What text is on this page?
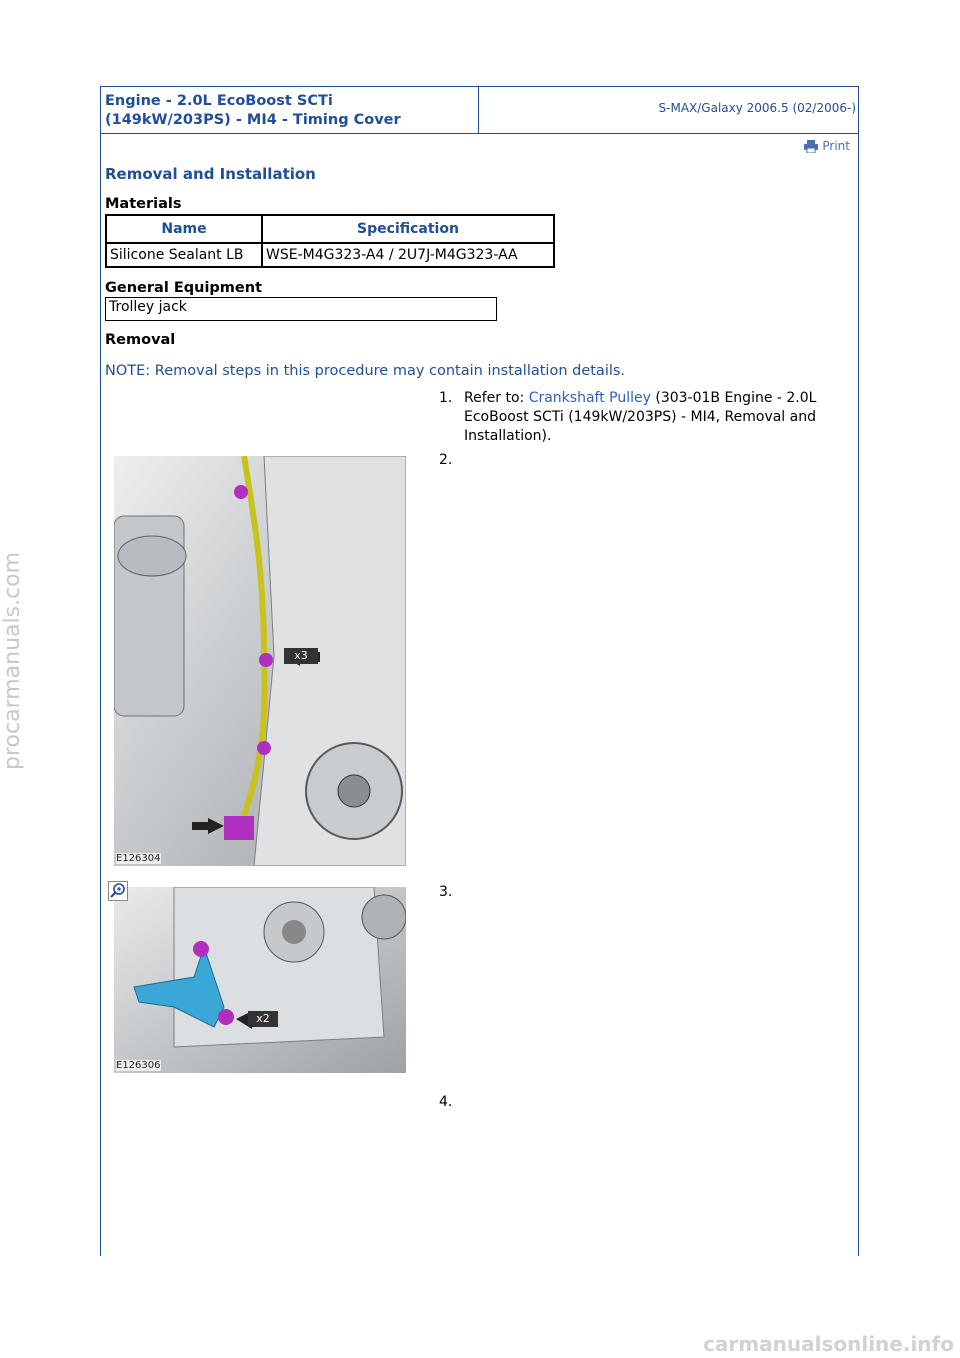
Engine - 2.0L EcoBoost SCTi
(149kW/203PS) - MI4 - Timing Cover
S-MAX/Galaxy 2006.5 (02/2006-)
Print
Removal and Installation
Materials
Name	Specification
Silicone Sealant LB	WSE-M4G323-A4 / 2U7J-M4G323-AA
General Equipment
Trolley jack
Removal
NOTE: Removal steps in this procedure may contain installation details.
1. Refer to: Crankshaft Pulley (303-01B Engine - 2.0L EcoBoost SCTi (149kW/203PS) - MI4, Removal and Installation).
2.
3.
4.
x3
E126304
x2
E126306
procarmanuals.com
carmanualsonline.info
